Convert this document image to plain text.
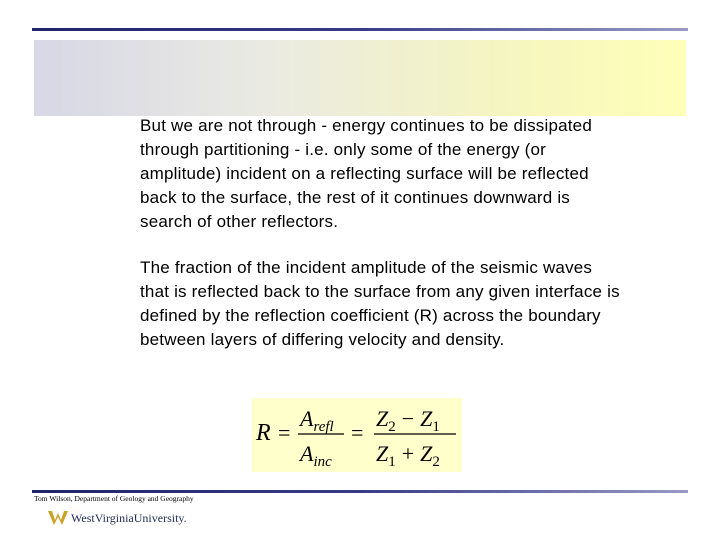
But we are not through - energy continues to be dissipated through partitioning - i.e. only some of the energy (or amplitude) incident on a reflecting surface will be reflected back to the surface, the rest of it continues downward is search of other reflectors.

The fraction of the incident amplitude of the seismic waves that is reflected back to the surface from any given interface is defined by the reflection coefficient (R) across the boundary between layers of differing velocity and density.

R =
$A_{refl}$
$A_{inc}$
=
$Z_2 - Z_1$
$Z_1 + Z_2$
Tom Wilson, Department of Geology and Geography
WestVirginiaUniversity.
